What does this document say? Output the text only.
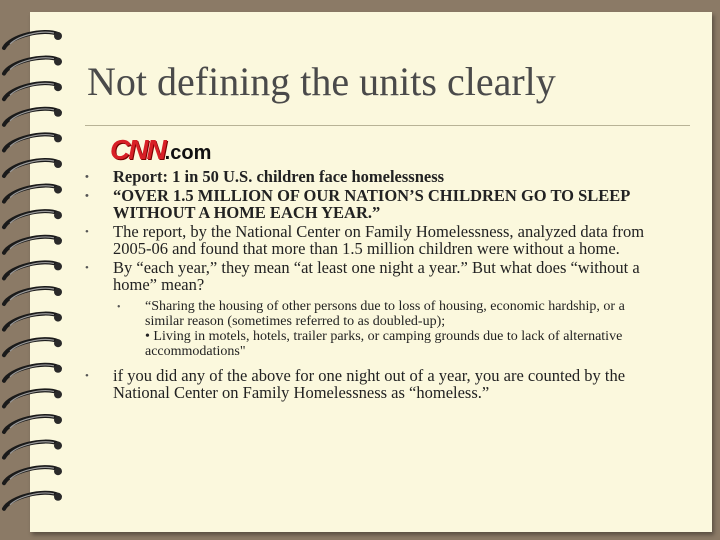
Not defining the units clearly
CNN.com
• Report: 1 in 50 U.S. children face homelessness
• “OVER 1.5 MILLION OF OUR NATION’S CHILDREN GO TO SLEEP WITHOUT A HOME EACH YEAR.”
• The report, by the National Center on Family Homelessness, analyzed data from 2005-06 and found that more than 1.5 million children were without a home.
• By “each year,” they mean “at least one night a year.” But what does “without a home” mean?
• “Sharing the housing of other persons due to loss of housing, economic hardship, or a similar reason (sometimes referred to as doubled-up);
• Living in motels, hotels, trailer parks, or camping grounds due to lack of alternative accommodations"
• if you did any of the above for one night out of a year, you are counted by the National Center on Family Homelessness as “homeless.”
